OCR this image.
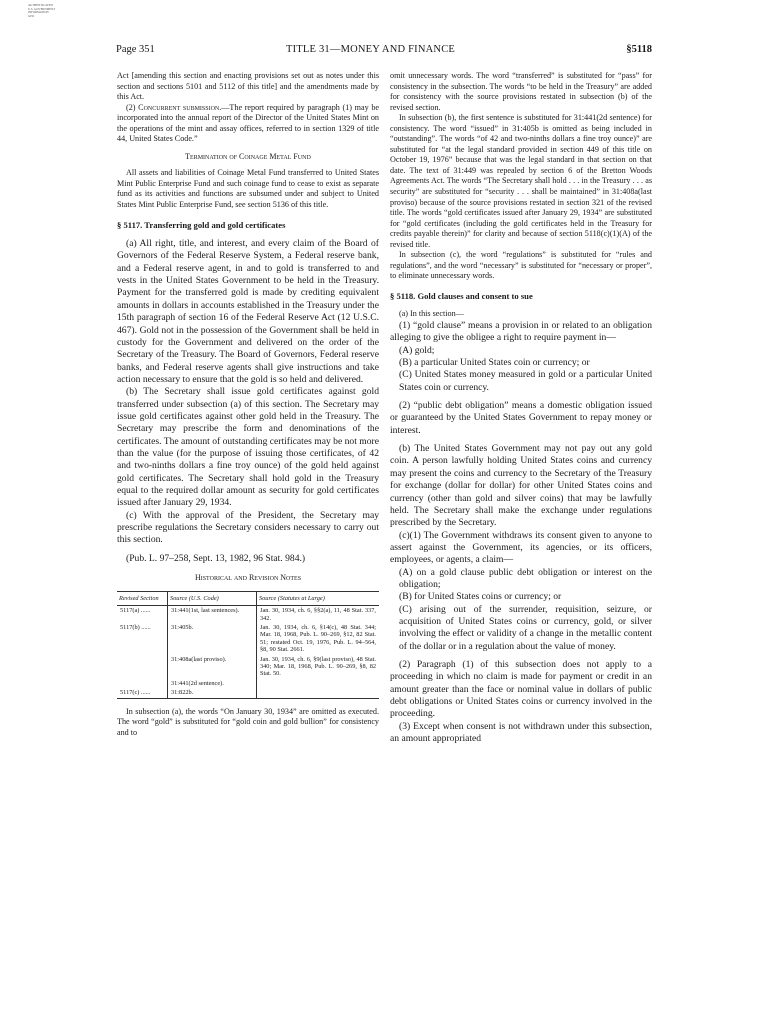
AUTHENTICATED
U.S. GOVERNMENT
INFORMATION
GPO
Page 351	TITLE 31—MONEY AND FINANCE	§5118

Act [amending this section and enacting provisions set out as notes under this section and sections 5101 and 5112 of this title] and the amendments made by this Act.

(2) Concurrent submission.—The report required by paragraph (1) may be incorporated into the annual report of the Director of the United States Mint on the operations of the mint and assay offices, referred to in section 1329 of title 44, United States Code.”

Termination of Coinage Metal Fund

All assets and liabilities of Coinage Metal Fund transferred to United States Mint Public Enterprise Fund and such coinage fund to cease to exist as separate fund as its activities and functions are subsumed under and subject to United States Mint Public Enterprise Fund, see section 5136 of this title.

§ 5117. Transferring gold and gold certificates

(a) All right, title, and interest, and every claim of the Board of Governors of the Federal Reserve System, a Federal reserve bank, and a Federal reserve agent, in and to gold is transferred to and vests in the United States Government to be held in the Treasury. Payment for the transferred gold is made by crediting equivalent amounts in dollars in accounts established in the Treasury under the 15th paragraph of section 16 of the Federal Reserve Act (12 U.S.C. 467). Gold not in the possession of the Government shall be held in custody for the Government and delivered on the order of the Secretary of the Treasury. The Board of Governors, Federal reserve banks, and Federal reserve agents shall give instructions and take action necessary to ensure that the gold is so held and delivered.

(b) The Secretary shall issue gold certificates against gold transferred under subsection (a) of this section. The Secretary may issue gold certificates against other gold held in the Treasury. The Secretary may prescribe the form and denominations of the certificates. The amount of outstanding certificates may be not more than the value (for the purpose of issuing those certificates, of 42 and two-ninths dollars a fine troy ounce) of the gold held against gold certificates. The Secretary shall hold gold in the Treasury equal to the required dollar amount as security for gold certificates issued after January 29, 1934.

(c) With the approval of the President, the Secretary may prescribe regulations the Secretary considers necessary to carry out this section.

(Pub. L. 97–258, Sept. 13, 1982, 96 Stat. 984.)

Historical and Revision Notes
Revised Section	Source (U.S. Code)	Source (Statutes at Large)
5117(a) ......	31:441(1st, last sentences).	Jan. 30, 1934, ch. 6, §§2(a), 11, 48 Stat. 337, 342.
5117(b) ......	31:405b.	Jan. 30, 1934, ch. 6, §14(c), 48 Stat. 344; Mar. 18, 1968, Pub. L. 90–269, §12, 82 Stat. 51; restated Oct. 19, 1976, Pub. L. 94–564, §8, 90 Stat. 2661.
	31:408a(last proviso).	Jan. 30, 1934, ch. 6, §9(last proviso), 48 Stat. 340; Mar. 18, 1968, Pub. L. 90–269, §8, 82 Stat. 50.
	31:441(2d sentence).	
5117(c) ......	31:822b.	

In subsection (a), the words “On January 30, 1934” are omitted as executed. The word “gold” is substituted for “gold coin and gold bullion” for consistency and to

omit unnecessary words. The word “transferred” is substituted for “pass” for consistency in the subsection. The words “to be held in the Treasury” are added for consistency with the source provisions restated in subsection (b) of the revised section.

In subsection (b), the first sentence is substituted for 31:441(2d sentence) for consistency. The word “issued” in 31:405b is omitted as being included in “outstanding”. The words “of 42 and two-ninths dollars a fine troy ounce)” are substituted for “at the legal standard provided in section 449 of this title on October 19, 1976” because that was the legal standard in that section on that date. The text of 31:449 was repealed by section 6 of the Bretton Woods Agreements Act. The words “The Secretary shall hold . . . in the Treasury . . . as security” are substituted for “security . . . shall be maintained” in 31:408a(last proviso) because of the source provisions restated in section 321 of the revised title. The words “gold certificates issued after January 29, 1934” are substituted for “gold certificates (including the gold certificates held in the Treasury for credits payable therein)” for clarity and because of section 5118(c)(1)(A) of the revised title.

In subsection (c), the word “regulations” is substituted for “rules and regulations”, and the word “necessary” is substituted for “necessary or proper”, to eliminate unnecessary words.

§ 5118. Gold clauses and consent to sue

(a) In this section—

(1) “gold clause” means a provision in or related to an obligation alleging to give the obligee a right to require payment in—

(A) gold;

(B) a particular United States coin or currency; or

(C) United States money measured in gold or a particular United States coin or currency.

(2) “public debt obligation” means a domestic obligation issued or guaranteed by the United States Government to repay money or interest.

(b) The United States Government may not pay out any gold coin. A person lawfully holding United States coins and currency may present the coins and currency to the Secretary of the Treasury for exchange (dollar for dollar) for other United States coins and currency (other than gold and silver coins) that may be lawfully held. The Secretary shall make the exchange under regulations prescribed by the Secretary.

(c)(1) The Government withdraws its consent given to anyone to assert against the Government, its agencies, or its officers, employees, or agents, a claim—

(A) on a gold clause public debt obligation or interest on the obligation;

(B) for United States coins or currency; or

(C) arising out of the surrender, requisition, seizure, or acquisition of United States coins or currency, gold, or silver involving the effect or validity of a change in the metallic content of the dollar or in a regulation about the value of money.

(2) Paragraph (1) of this subsection does not apply to a proceeding in which no claim is made for payment or credit in an amount greater than the face or nominal value in dollars of public debt obligations or United States coins or currency involved in the proceeding.

(3) Except when consent is not withdrawn under this subsection, an amount appropriated
